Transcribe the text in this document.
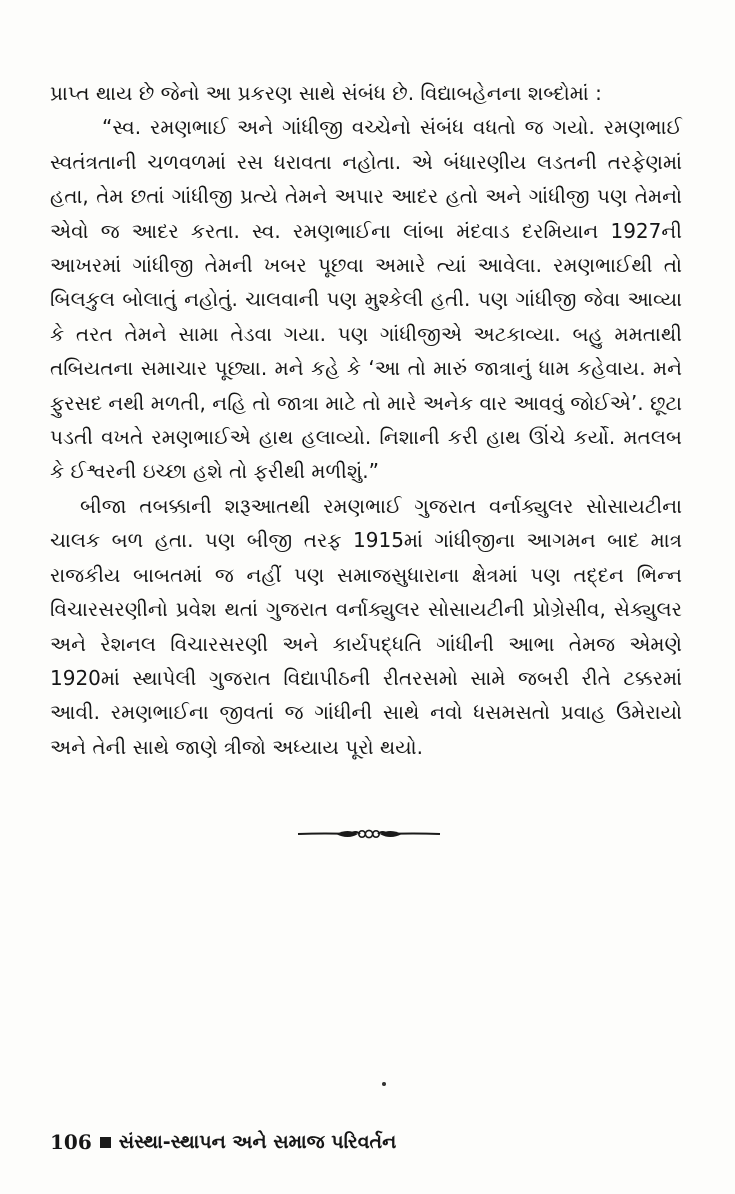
પ્રાપ્ત થાય છે જેનો આ પ્રકરણ સાથે સંબંધ છે. વિદ્યાબહેનના શબ્દોમાં :

“સ્વ. રમણભાઈ અને ગાંધીજી વચ્ચેનો સંબંધ વધતો જ ગયો. રમણભાઈ સ્વતંત્રતાની ચળવળમાં રસ ધરાવતા નહોતા. એ બંધારણીય લડતની તરફેણમાં હતા, તેમ છતાં ગાંધીજી પ્રત્યે તેમને અપાર આદર હતો અને ગાંધીજી પણ તેમનો એવો જ આદર કરતા. સ્વ. રમણભાઈના લાંબા મંદવાડ દરમિયાન 1927ની આખરમાં ગાંધીજી તેમની ખબર પૂછવા અમારે ત્યાં આવેલા. રમણભાઈથી તો બિલકુલ બોલાતું નહોતું. ચાલવાની પણ મુશ્કેલી હતી. પણ ગાંધીજી જેવા આવ્યા કે તરત તેમને સામા તેડવા ગયા. પણ ગાંધીજીએ અટકાવ્યા. બહુ મમતાથી તબિયતના સમાચાર પૂછ્યા. મને કહે કે ‘આ તો મારું જાત્રાનું ધામ કહેવાય. મને ફુરસદ નથી મળતી, નહિ તો જાત્રા માટે તો મારે અનેક વાર આવવું જોઈએ’. છૂટા પડતી વખતે રમણભાઈએ હાથ હલાવ્યો. નિશાની કરી હાથ ઊંચે કર્યો. મતલબ કે ઈશ્વરની ઇચ્છા હશે તો ફરીથી મળીશું.”

બીજા તબક્કાની શરૂઆતથી રમણભાઈ ગુજરાત વર્નાક્યુલર સોસાયટીના ચાલક બળ હતા. પણ બીજી તરફ 1915માં ગાંધીજીના આગમન બાદ માત્ર રાજકીય બાબતમાં જ નહીં પણ સમાજસુધારાના ક્ષેત્રમાં પણ તદ્દન ભિન્ન વિચારસરણીનો પ્રવેશ થતાં ગુજરાત વર્નાક્યુલર સોસાયટીની પ્રોગ્રેસીવ, સેક્યુલર અને રેશનલ વિચારસરણી અને કાર્યપદ્ધતિ ગાંધીની આભા તેમજ એમણે 1920માં સ્થાપેલી ગુજરાત વિદ્યાપીઠની રીતરસમો સામે જબરી રીતે ટક્કરમાં આવી. રમણભાઈના જીવતાં જ ગાંધીની સાથે નવો ધસમસતો પ્રવાહ ઉમેરાયો અને તેની સાથે જાણે ત્રીજો અધ્યાય પૂરો થયો.

106 સંસ્થા-સ્થાપન અને સમાજ પરિવર્તન
